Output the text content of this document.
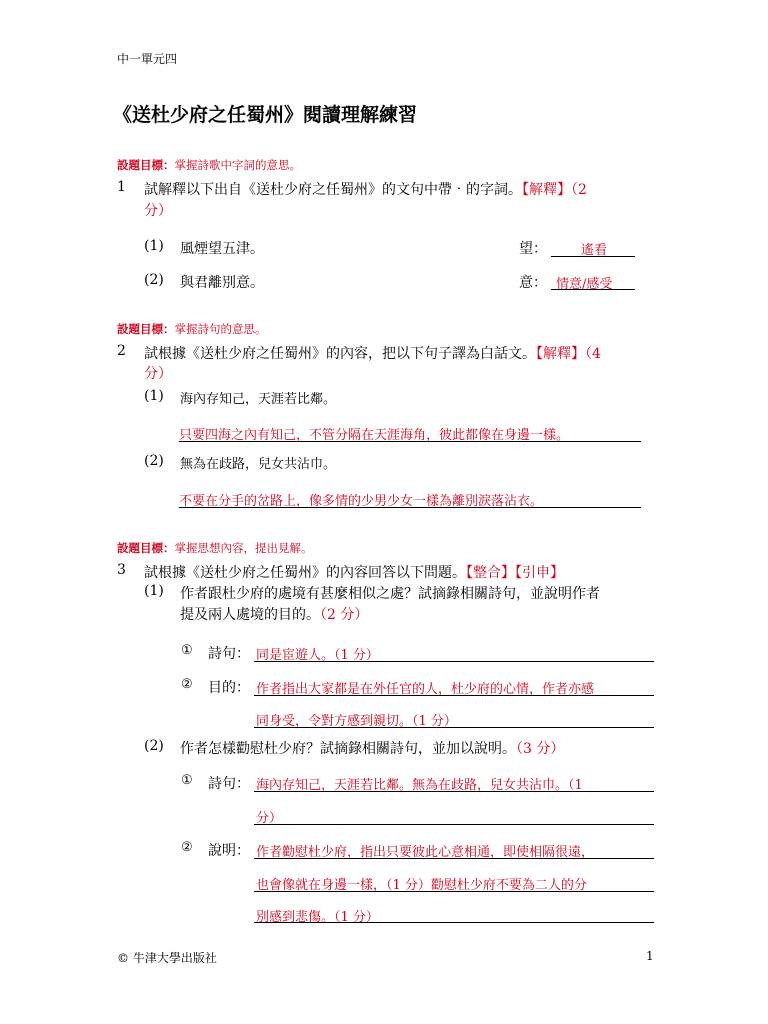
中一單元四
《送杜少府之任蜀州》閱讀理解練習
設題目標：掌握詩歌中字詞的意思。
1 試解釋以下出自《送杜少府之任蜀州》的文句中帶‧的字詞。【解釋】（2
分）
(1) 風煙望五津。	望：	遙看
(2) 與君離別意。	意： 情意/感受
設題目標：掌握詩句的意思。
2 試根據《送杜少府之任蜀州》的內容，把以下句子譯為白話文。【解釋】（4
分）
(1) 海內存知己，天涯若比鄰。
只要四海之內有知己，不管分隔在天涯海角，彼此都像在身邊一樣。
(2) 無為在歧路，兒女共沾巾。
不要在分手的岔路上，像多情的少男少女一樣為離別淚落沾衣。
設題目標：掌握思想內容，提出見解。
3 試根據《送杜少府之任蜀州》的內容回答以下問題。【整合】【引申】
(1) 作者跟杜少府的處境有甚麼相似之處？試摘錄相關詩句，並說明作者
提及兩人處境的目的。（2 分）
① 詩句： 同是宦遊人。（1 分）
② 目的： 作者指出大家都是在外任官的人，杜少府的心情，作者亦感
同身受，令對方感到親切。（1 分）
(2) 作者怎樣勸慰杜少府？試摘錄相關詩句，並加以說明。（3 分）
① 詩句： 海內存知己，天涯若比鄰。無為在歧路，兒女共沾巾。（1
分）
② 說明： 作者勸慰杜少府，指出只要彼此心意相通，即使相隔很遠，
也會像就在身邊一樣，（1 分）勸慰杜少府不要為二人的分
別感到悲傷。（1 分）
© 牛津大學出版社	1
